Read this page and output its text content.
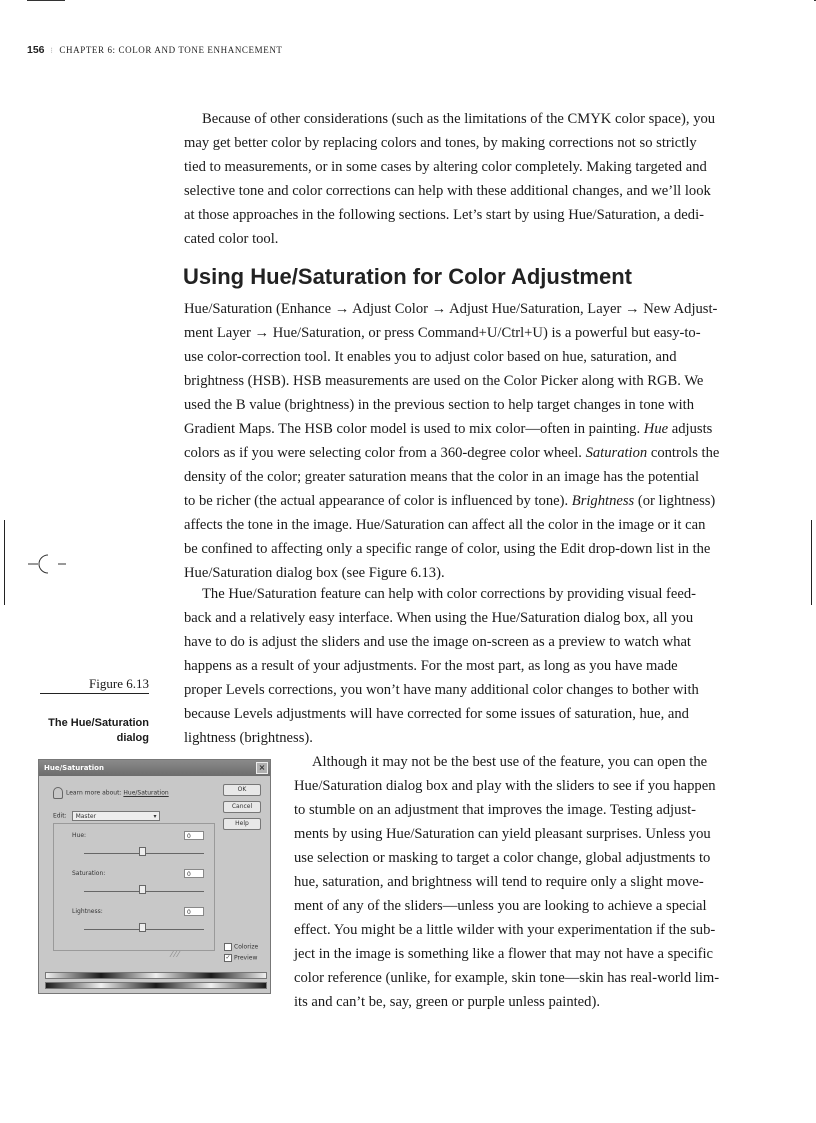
156 ⁝ CHAPTER 6: COLOR AND TONE ENHANCEMENT
Because of other considerations (such as the limitations of the CMYK color space), you
may get better color by replacing colors and tones, by making corrections not so strictly
tied to measurements, or in some cases by altering color completely. Making targeted and
selective tone and color corrections can help with these additional changes, and we’ll look
at those approaches in the following sections. Let’s start by using Hue/Saturation, a dedi-
cated color tool.
Using Hue/Saturation for Color Adjustment
Hue/Saturation (Enhance → Adjust Color → Adjust Hue/Saturation, Layer → New Adjust-
ment Layer → Hue/Saturation, or press Command+U/Ctrl+U) is a powerful but easy-to-
use color-correction tool. It enables you to adjust color based on hue, saturation, and
brightness (HSB). HSB measurements are used on the Color Picker along with RGB. We
used the B value (brightness) in the previous section to help target changes in tone with
Gradient Maps. The HSB color model is used to mix color—often in painting. Hue adjusts
colors as if you were selecting color from a 360-degree color wheel. Saturation controls the
density of the color; greater saturation means that the color in an image has the potential
to be richer (the actual appearance of color is influenced by tone). Brightness (or lightness)
affects the tone in the image. Hue/Saturation can affect all the color in the image or it can
be confined to affecting only a specific range of color, using the Edit drop-down list in the
Hue/Saturation dialog box (see Figure 6.13).
The Hue/Saturation feature can help with color corrections by providing visual feed-
back and a relatively easy interface. When using the Hue/Saturation dialog box, all you
have to do is adjust the sliders and use the image on-screen as a preview to watch what
happens as a result of your adjustments. For the most part, as long as you have made
proper Levels corrections, you won’t have many additional color changes to bother with
because Levels adjustments will have corrected for some issues of saturation, hue, and
lightness (brightness).
Although it may not be the best use of the feature, you can open the
Hue/Saturation dialog box and play with the sliders to see if you happen
to stumble on an adjustment that improves the image. Testing adjust-
ments by using Hue/Saturation can yield pleasant surprises. Unless you
use selection or masking to target a color change, global adjustments to
hue, saturation, and brightness will tend to require only a slight move-
ment of any of the sliders—unless you are looking to achieve a special
effect. You might be a little wilder with your experimentation if the sub-
ject in the image is something like a flower that may not have a specific
color reference (unlike, for example, skin tone—skin has real-world lim-
its and can’t be, say, green or purple unless painted).
Figure 6.13
The Hue/Saturation
dialog
Hue/Saturation	×
Learn more about: Hue/Saturation	OK
Cancel
Help
Edit: Master	▾
Hue:	0
Saturation:	0
Lightness:	0
⁄⁄⁄
Colorize
✓ Preview
